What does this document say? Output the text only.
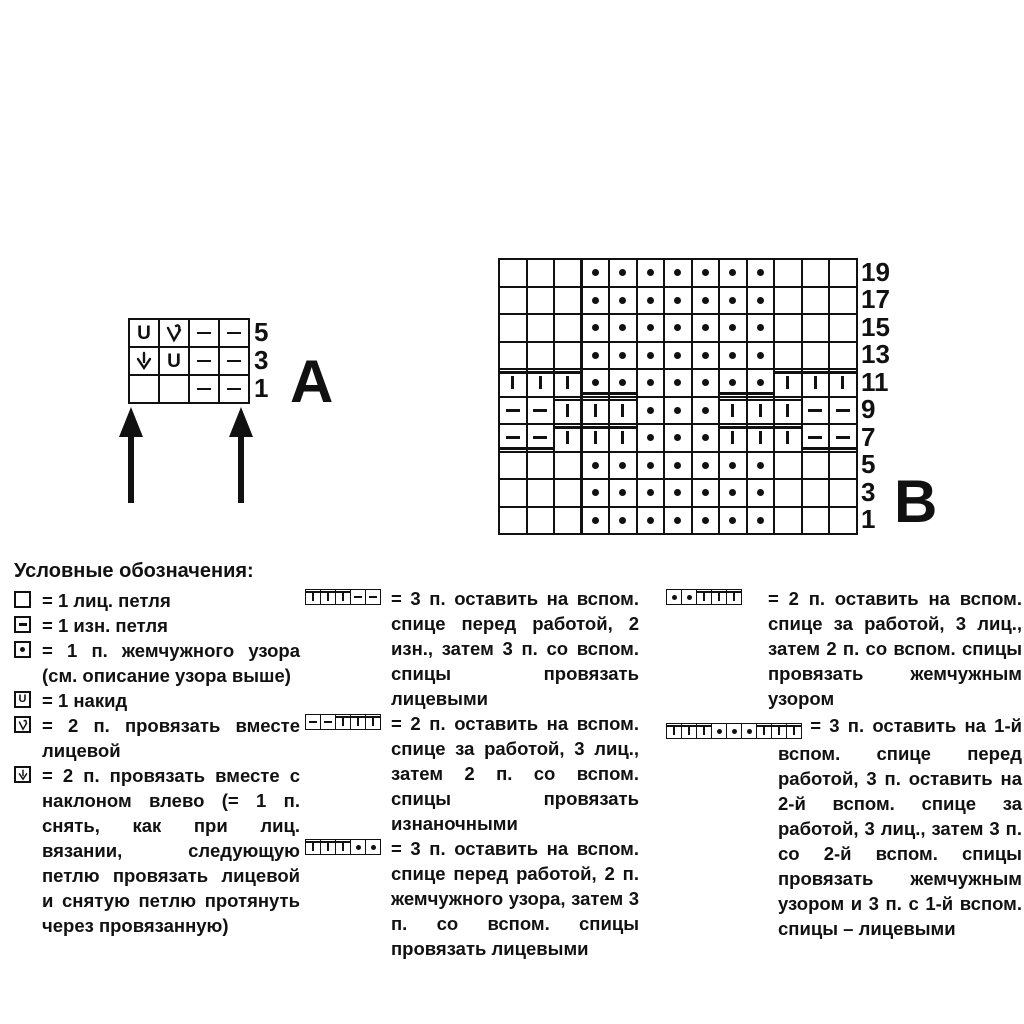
U
U
5
3
1 A
19
17
15
13
11
9
7
5
3
1 B
Условные обозначения:
= 1 лиц. петля
= 1 изн. петля
= 1 п. жемчужного узора (см. описание узора выше)
U = 1 накид
= 2 п. провязать вместе лицевой
= 2 п. провязать вместе с наклоном влево (= 1 п. снять, как при лиц. вязании, следующую петлю провязать лицевой и снятую петлю протянуть через провязанную)
= 3 п. оставить на вспом. спице перед работой, 2 изн., затем 3 п. со вспом. спицы провязать лицевыми
= 2 п. оставить на вспом. спице за работой, 3 лиц., затем 2 п. со вспом. спицы провязать изнаночными
= 3 п. оставить на вспом. спице перед работой, 2 п. жемчужного узора, затем 3 п. со вспом. спицы провязать лицевыми
= 2 п. оставить на вспом. спице за работой, 3 лиц., затем 2 п. со вспом. спицы провязать жемчужным узором
= 3 п. оставить на 1-й вспом. спице перед работой, 3 п. оставить на 2-й вспом. спице за работой, 3 лиц., затем 3 п. со 2-й вспом. спицы провязать жемчужным узором и 3 п. с 1-й вспом. спицы – лицевыми
